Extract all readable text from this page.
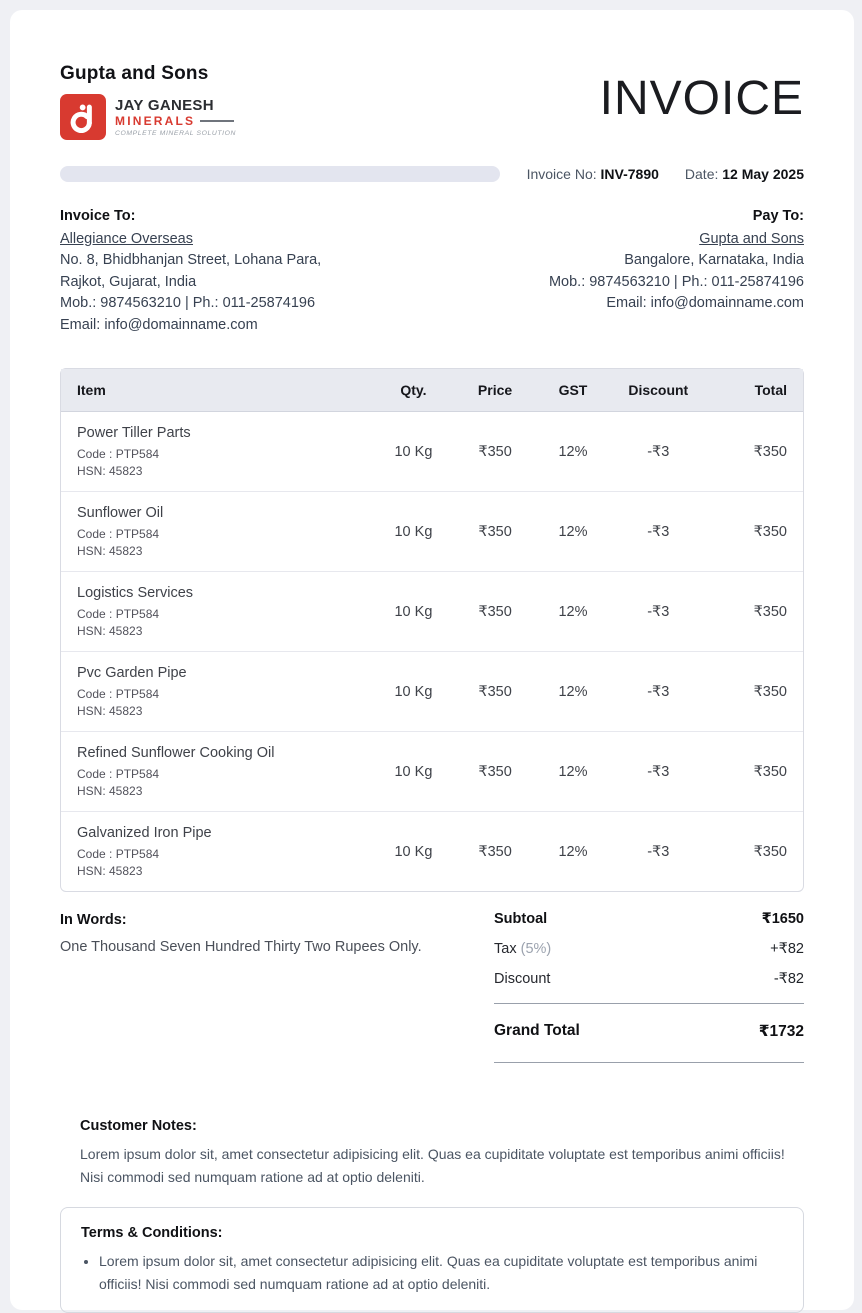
Gupta and Sons
JAY GANESH
MINERALS
COMPLETE MINERAL SOLUTION
INVOICE
Invoice No: INV-7890 Date: 12 May 2025
Invoice To:
Allegiance Overseas
No. 8, Bhidbhanjan Street, Lohana Para,
Rajkot, Gujarat, India
Mob.: 9874563210 | Ph.: 011-25874196
Email: info@domainname.com
Pay To:
Gupta and Sons
Bangalore, Karnataka, India
Mob.: 9874563210 | Ph.: 011-25874196
Email: info@domainname.com
Item	Qty.	Price	GST	Discount	Total

Power Tiller Parts
Code : PTP584
HSN: 45823	10 Kg	₹350	12%	-₹3	₹350

Sunflower Oil
Code : PTP584
HSN: 45823	10 Kg	₹350	12%	-₹3	₹350

Logistics Services
Code : PTP584
HSN: 45823	10 Kg	₹350	12%	-₹3	₹350

Pvc Garden Pipe
Code : PTP584
HSN: 45823	10 Kg	₹350	12%	-₹3	₹350

Refined Sunflower Cooking Oil
Code : PTP584
HSN: 45823	10 Kg	₹350	12%	-₹3	₹350

Galvanized Iron Pipe
Code : PTP584
HSN: 45823	10 Kg	₹350	12%	-₹3	₹350
In Words:
One Thousand Seven Hundred Thirty Two Rupees Only.
Subtoal	₹1650
Tax (5%)	+₹82
Discount	-₹82
Grand Total	₹1732
Customer Notes:
Lorem ipsum dolor sit, amet consectetur adipisicing elit. Quas ea cupiditate voluptate est temporibus animi officiis! Nisi commodi sed numquam ratione ad at optio deleniti.
Terms & Conditions:
• Lorem ipsum dolor sit, amet consectetur adipisicing elit. Quas ea cupiditate voluptate est temporibus animi officiis! Nisi commodi sed numquam ratione ad at optio deleniti.
